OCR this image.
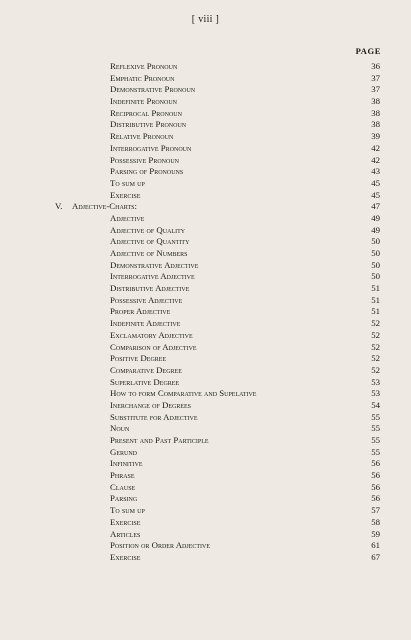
[ viii ]
PAGE
Reflexive Pronoun	36
Emphatic Pronoun	37
Demonstrative Pronoun	37
Indefinite Pronoun	38
Reciprocal Pronoun	38
Distributive Pronoun	38
Relative Pronoun	39
Interrogative Pronoun	42
Possessive Pronoun	42
Parsing of Pronouns	43
To sum up	45
Exercise	45
V. Adjective-Charts:	47
Adjective	49
Adjective of Quality	49
Adjective of Quantity	50
Adjective of Numbers	50
Demonstrative Adjective	50
Interrogative Adjective	50
Distributive Adjective	51
Possessive Adjective	51
Proper Adjective	51
Indefinite Adjective	52
Exclamatory Adjective	52
Comparison of Adjective	52
Positive Degree	52
Comparative Degree	52
Superlative Degree	53
How to form Comparative and Supelative	53
Inerchange of Degrees	54
Substitute for Adjective	55
Noun	55
Present and Past Participle	55
Gerund	55
Infinitive	56
Phrase	56
Clause	56
Parsing	56
To sum up	57
Exercise	58
Articles	59
Position or Order Adjective	61
Exercise	67
